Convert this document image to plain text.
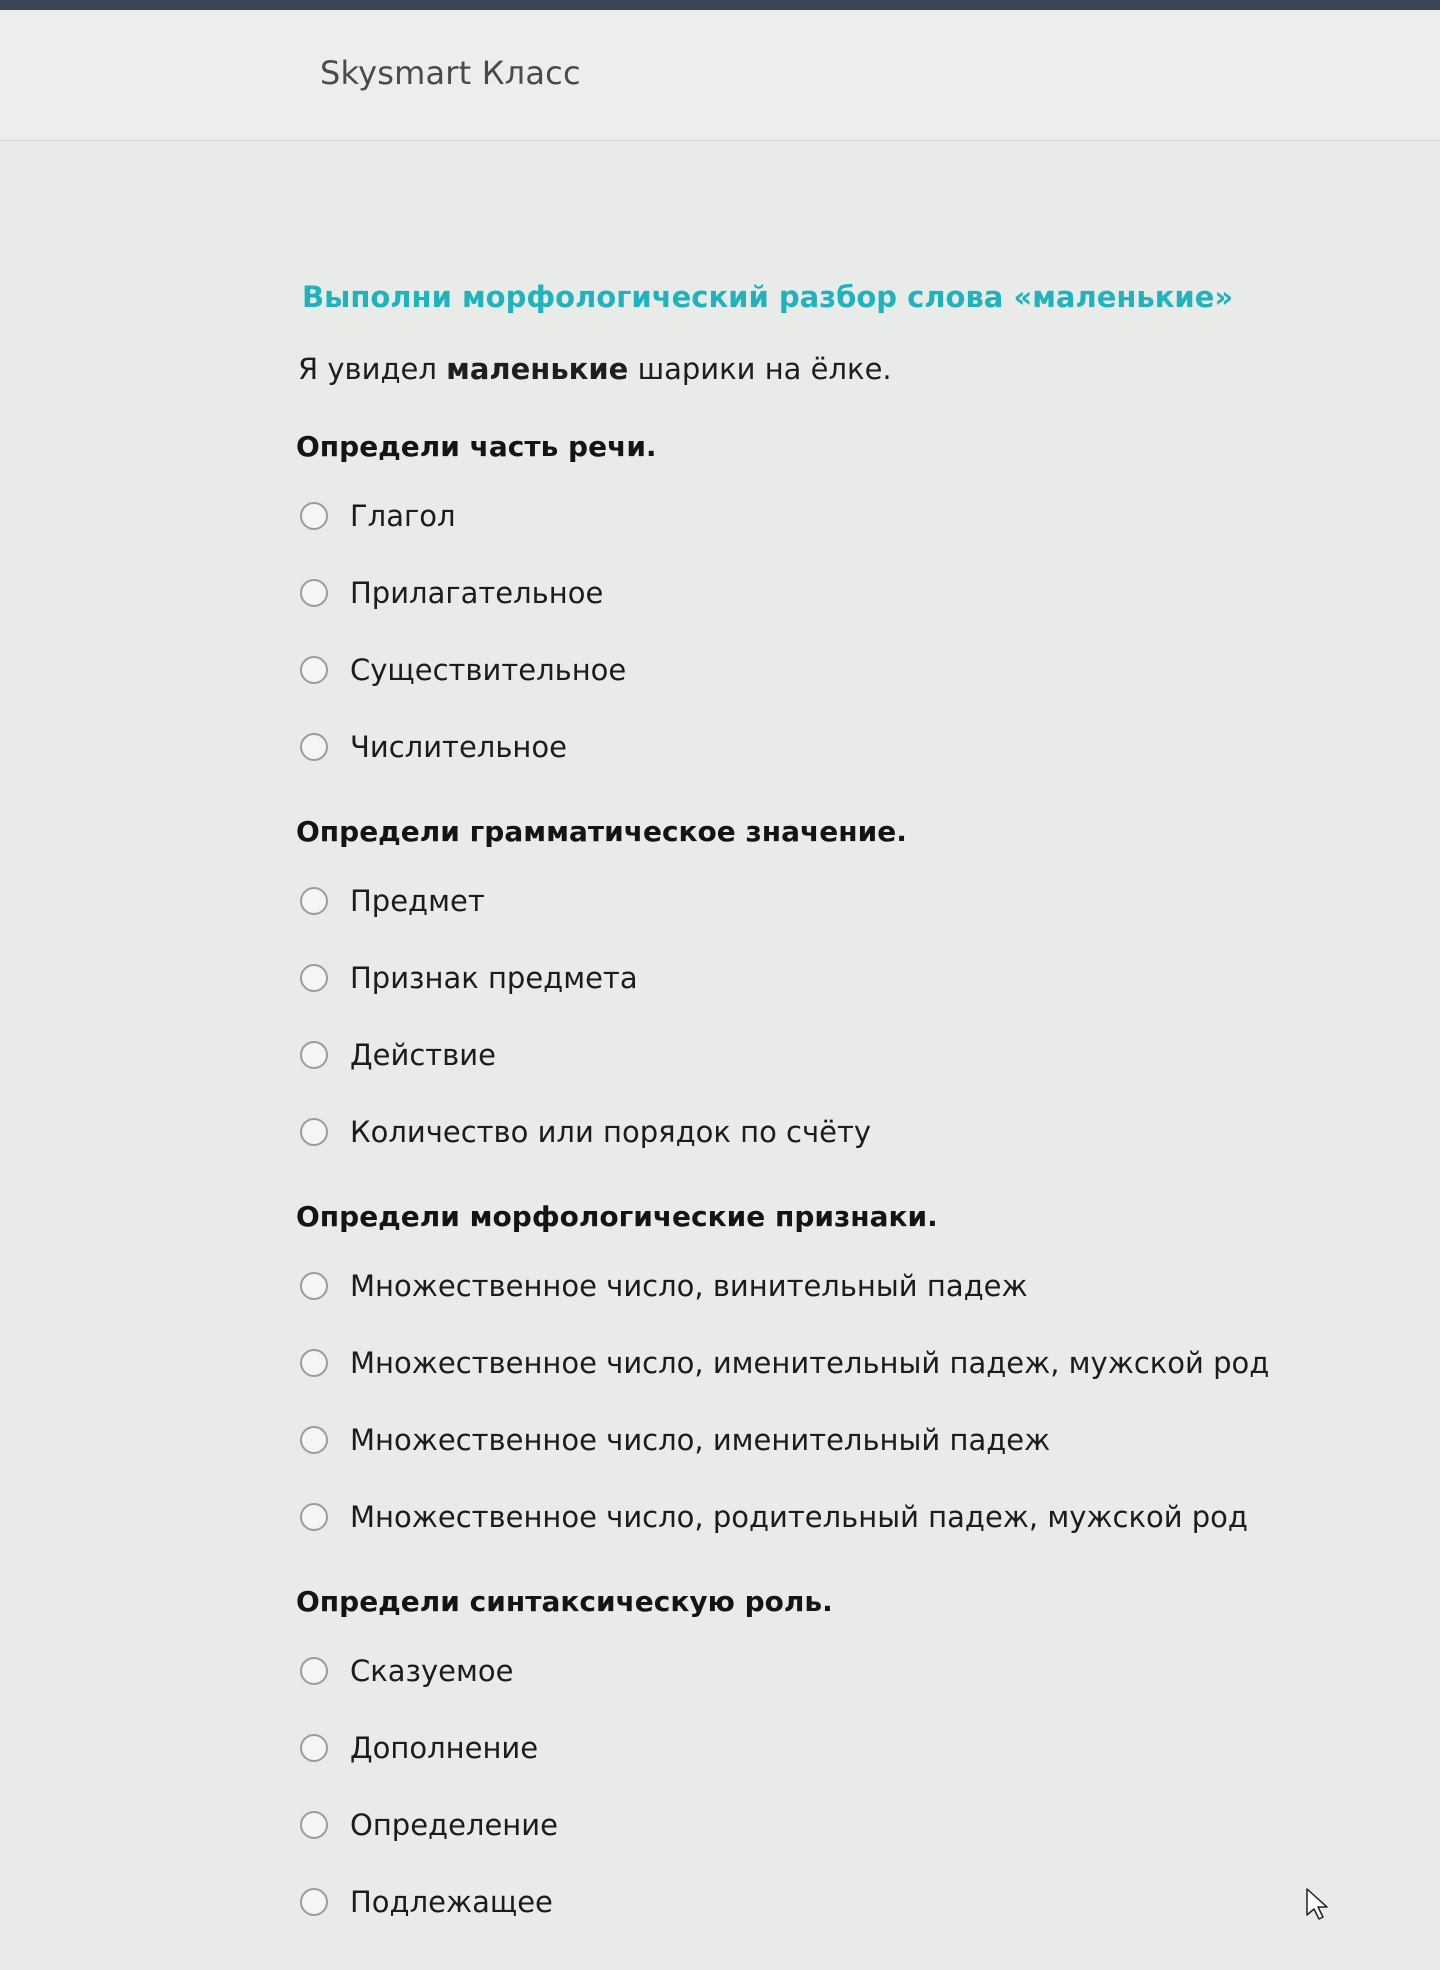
Skysmart Класс
Выполни морфологический разбор слова «маленькие»
Я увидел маленькие шарики на ёлке.
Определи часть речи.
Глагол
Прилагательное
Существительное
Числительное
Определи грамматическое значение.
Предмет
Признак предмета
Действие
Количество или порядок по счёту
Определи морфологические признаки.
Множественное число, винительный падеж
Множественное число, именительный падеж, мужской род
Множественное число, именительный падеж
Множественное число, родительный падеж, мужской род
Определи синтаксическую роль.
Сказуемое
Дополнение
Определение
Подлежащее
